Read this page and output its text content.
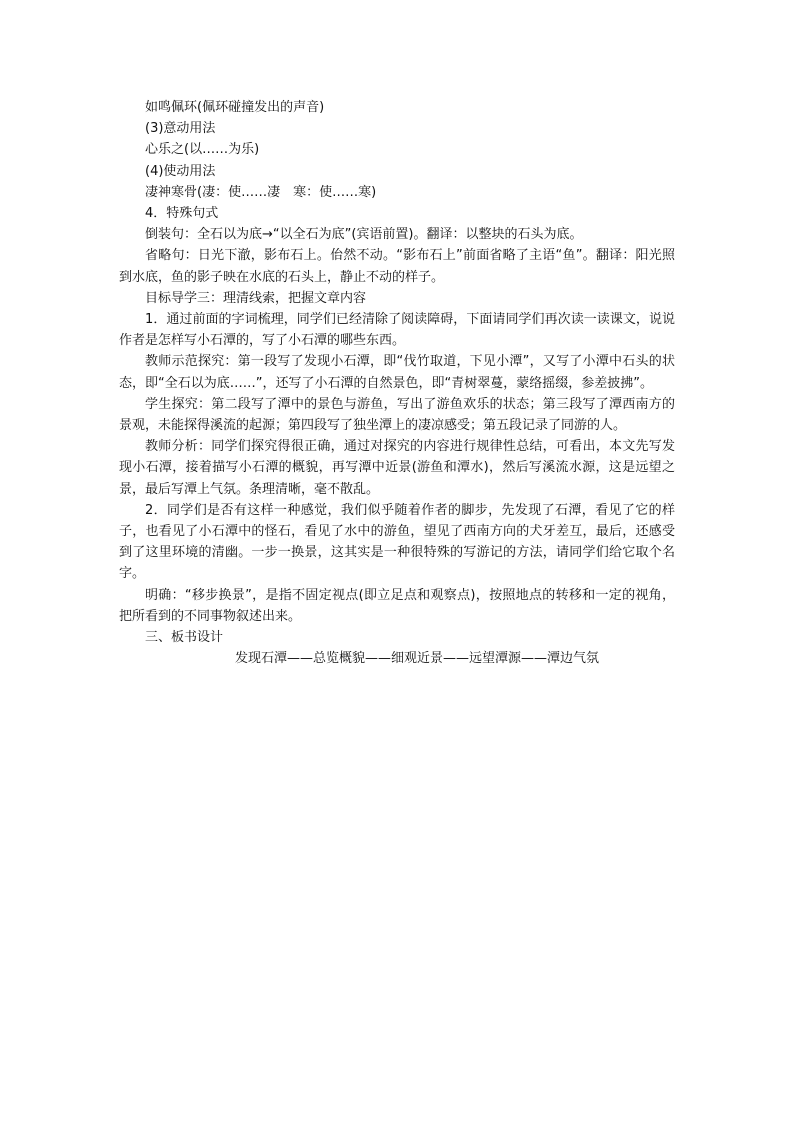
如鸣佩环(佩环碰撞发出的声音)

(3)意动用法

心乐之(以……为乐)

(4)使动用法

凄神寒骨(凄：使……凄　寒：使……寒)

4．特殊句式

倒装句：全石以为底→“以全石为底”(宾语前置)。翻译：以整块的石头为底。

省略句：日光下澈，影布石上。佁然不动。“影布石上”前面省略了主语“鱼”。翻译：阳光照到水底，鱼的影子映在水底的石头上，静止不动的样子。

目标导学三：理清线索，把握文章内容

1．通过前面的字词梳理，同学们已经清除了阅读障碍，下面请同学们再次读一读课文，说说作者是怎样写小石潭的，写了小石潭的哪些东西。

教师示范探究：第一段写了发现小石潭，即“伐竹取道，下见小潭”，又写了小潭中石头的状态，即“全石以为底……”，还写了小石潭的自然景色，即“青树翠蔓，蒙络摇缀，参差披拂”。

学生探究：第二段写了潭中的景色与游鱼，写出了游鱼欢乐的状态；第三段写了潭西南方的景观，未能探得溪流的起源；第四段写了独坐潭上的凄凉感受；第五段记录了同游的人。

教师分析：同学们探究得很正确，通过对探究的内容进行规律性总结，可看出，本文先写发现小石潭，接着描写小石潭的概貌，再写潭中近景(游鱼和潭水)，然后写溪流水源，这是远望之景，最后写潭上气氛。条理清晰，毫不散乱。

2．同学们是否有这样一种感觉，我们似乎随着作者的脚步，先发现了石潭，看见了它的样子，也看见了小石潭中的怪石，看见了水中的游鱼，望见了西南方向的犬牙差互，最后，还感受到了这里环境的清幽。一步一换景，这其实是一种很特殊的写游记的方法，请同学们给它取个名字。

明确：“移步换景”，是指不固定视点(即立足点和观察点)，按照地点的转移和一定的视角，把所看到的不同事物叙述出来。

三、板书设计

发现石潭——总览概貌——细观近景——远望潭源——潭边气氛
